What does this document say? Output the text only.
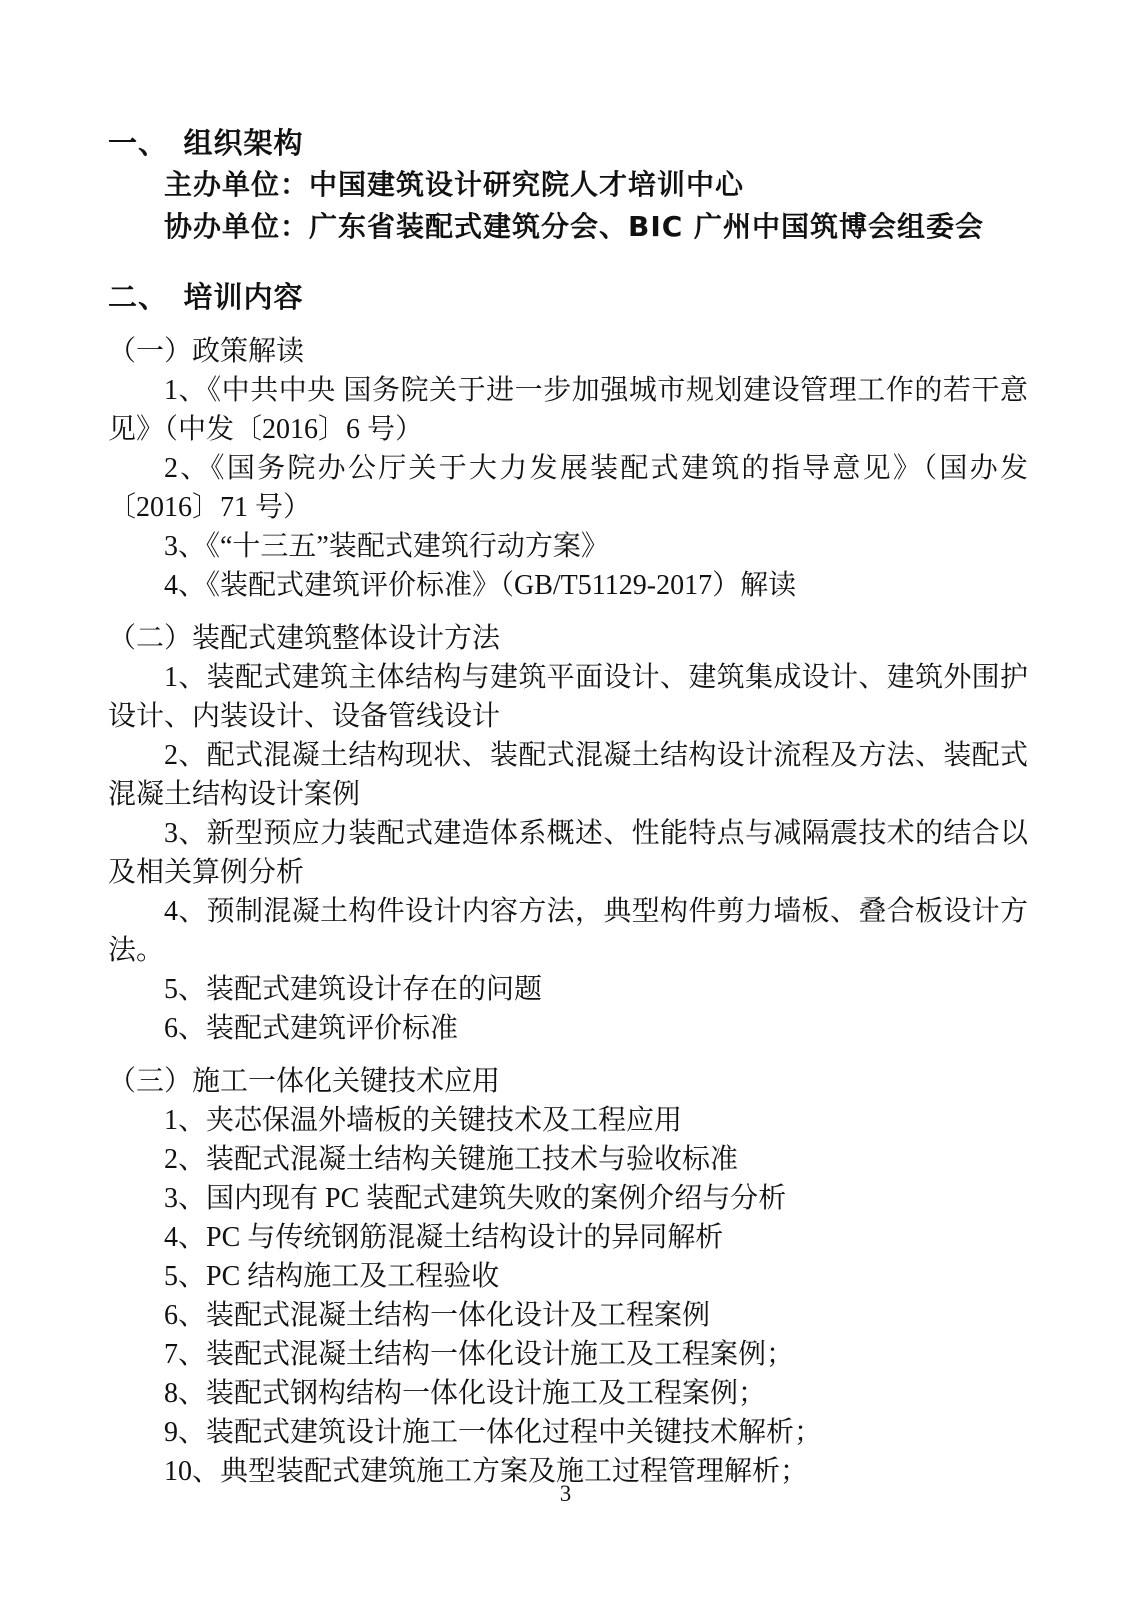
一、　组织架构

主办单位：中国建筑设计研究院人才培训中心

协办单位：广东省装配式建筑分会、BIC 广州中国筑博会组委会

二、　培训内容

（一）政策解读

1、《中共中央 国务院关于进一步加强城市规划建设管理工作的若干意见》（中发〔2016〕6 号）

2、《国务院办公厅关于大力发展装配式建筑的指导意见》（国办发〔2016〕71 号）

3、《“十三五”装配式建筑行动方案》

4、《装配式建筑评价标准》（GB/T51129-2017）解读

（二）装配式建筑整体设计方法

1、装配式建筑主体结构与建筑平面设计、建筑集成设计、建筑外围护设计、内装设计、设备管线设计

2、配式混凝土结构现状、装配式混凝土结构设计流程及方法、装配式混凝土结构设计案例

3、新型预应力装配式建造体系概述、性能特点与减隔震技术的结合以及相关算例分析

4、预制混凝土构件设计内容方法，典型构件剪力墙板、叠合板设计方法。

5、装配式建筑设计存在的问题

6、装配式建筑评价标准

（三）施工一体化关键技术应用

1、夹芯保温外墙板的关键技术及工程应用

2、装配式混凝土结构关键施工技术与验收标准

3、国内现有 PC 装配式建筑失败的案例介绍与分析

4、PC 与传统钢筋混凝土结构设计的异同解析

5、PC 结构施工及工程验收

6、装配式混凝土结构一体化设计及工程案例

7、装配式混凝土结构一体化设计施工及工程案例；

8、装配式钢构结构一体化设计施工及工程案例；

9、装配式建筑设计施工一体化过程中关键技术解析；

10、典型装配式建筑施工方案及施工过程管理解析；

3
